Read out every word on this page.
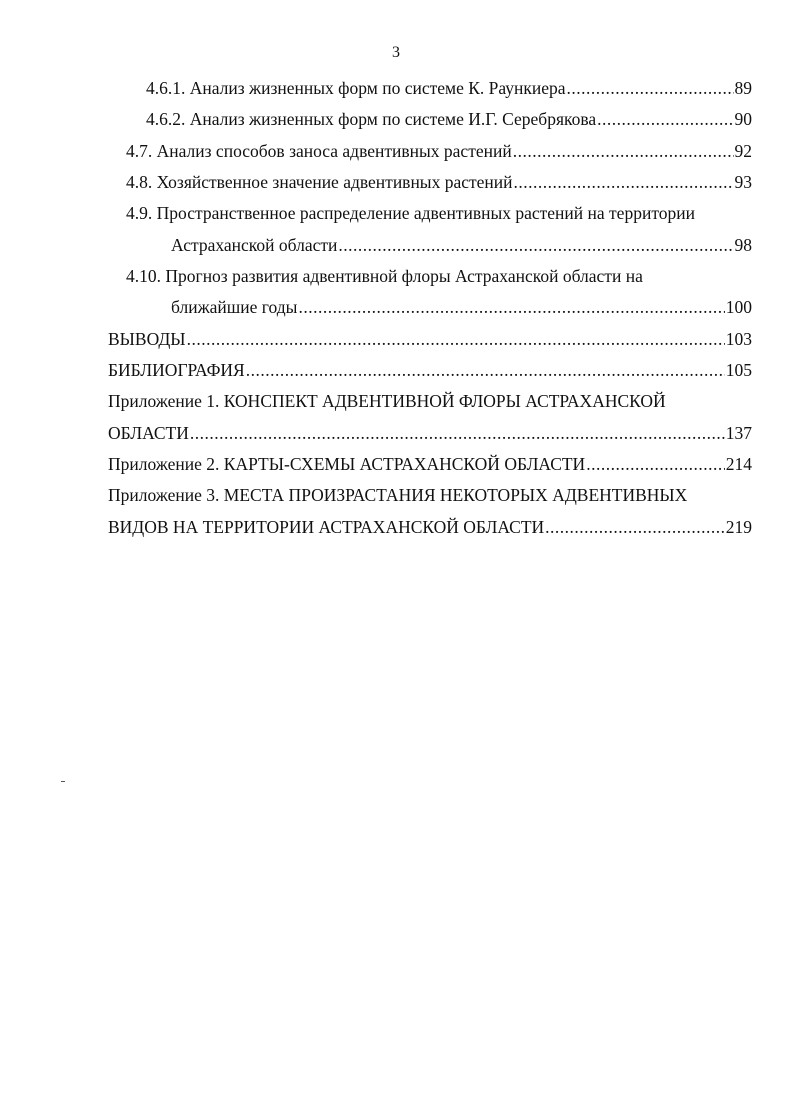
3
4.6.1. Анализ жизненных форм по системе К. Раункиера .....	89
4.6.2. Анализ жизненных форм по системе И.Г. Серебрякова .....	90
4.7. Анализ способов заноса адвентивных растений .....	92
4.8. Хозяйственное значение адвентивных растений .....	93
4.9. Пространственное распределение адвентивных растений на территории
Астраханской области .....	98
4.10. Прогноз развития адвентивной флоры Астраханской области на
ближайшие годы .....	100
ВЫВОДЫ .....	103
БИБЛИОГРАФИЯ .....	105
Приложение 1. КОНСПЕКТ АДВЕНТИВНОЙ ФЛОРЫ АСТРАХАНСКОЙ
ОБЛАСТИ .....	137
Приложение 2. КАРТЫ-СХЕМЫ АСТРАХАНСКОЙ ОБЛАСТИ .....	214
Приложение 3. МЕСТА ПРОИЗРАСТАНИЯ НЕКОТОРЫХ АДВЕНТИВНЫХ
ВИДОВ НА ТЕРРИТОРИИ АСТРАХАНСКОЙ ОБЛАСТИ .....	219
